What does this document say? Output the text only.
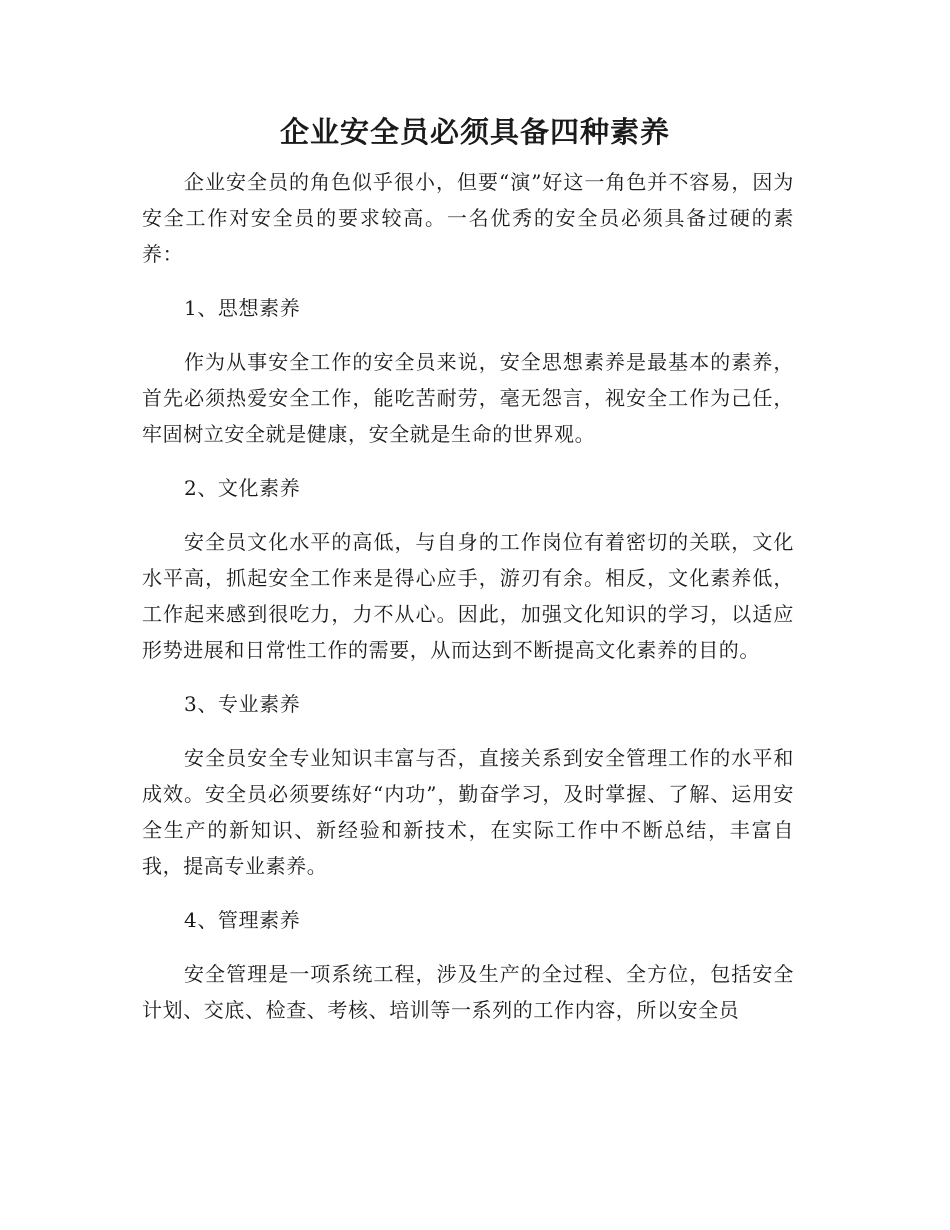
企业安全员必须具备四种素养

企业安全员的角色似乎很小，但要“演”好这一角色并不容易，因为安全工作对安全员的要求较高。一名优秀的安全员必须具备过硬的素养：

1、思想素养

作为从事安全工作的安全员来说，安全思想素养是最基本的素养，首先必须热爱安全工作，能吃苦耐劳，毫无怨言，视安全工作为己任，牢固树立安全就是健康，安全就是生命的世界观。

2、文化素养

安全员文化水平的高低，与自身的工作岗位有着密切的关联，文化水平高，抓起安全工作来是得心应手，游刃有余。相反，文化素养低，工作起来感到很吃力，力不从心。因此，加强文化知识的学习，以适应形势进展和日常性工作的需要，从而达到不断提高文化素养的目的。

3、专业素养

安全员安全专业知识丰富与否，直接关系到安全管理工作的水平和成效。安全员必须要练好“内功”，勤奋学习，及时掌握、了解、运用安全生产的新知识、新经验和新技术，在实际工作中不断总结，丰富自我，提高专业素养。

4、管理素养

安全管理是一项系统工程，涉及生产的全过程、全方位，包括安全计划、交底、检查、考核、培训等一系列的工作内容，所以安全员
